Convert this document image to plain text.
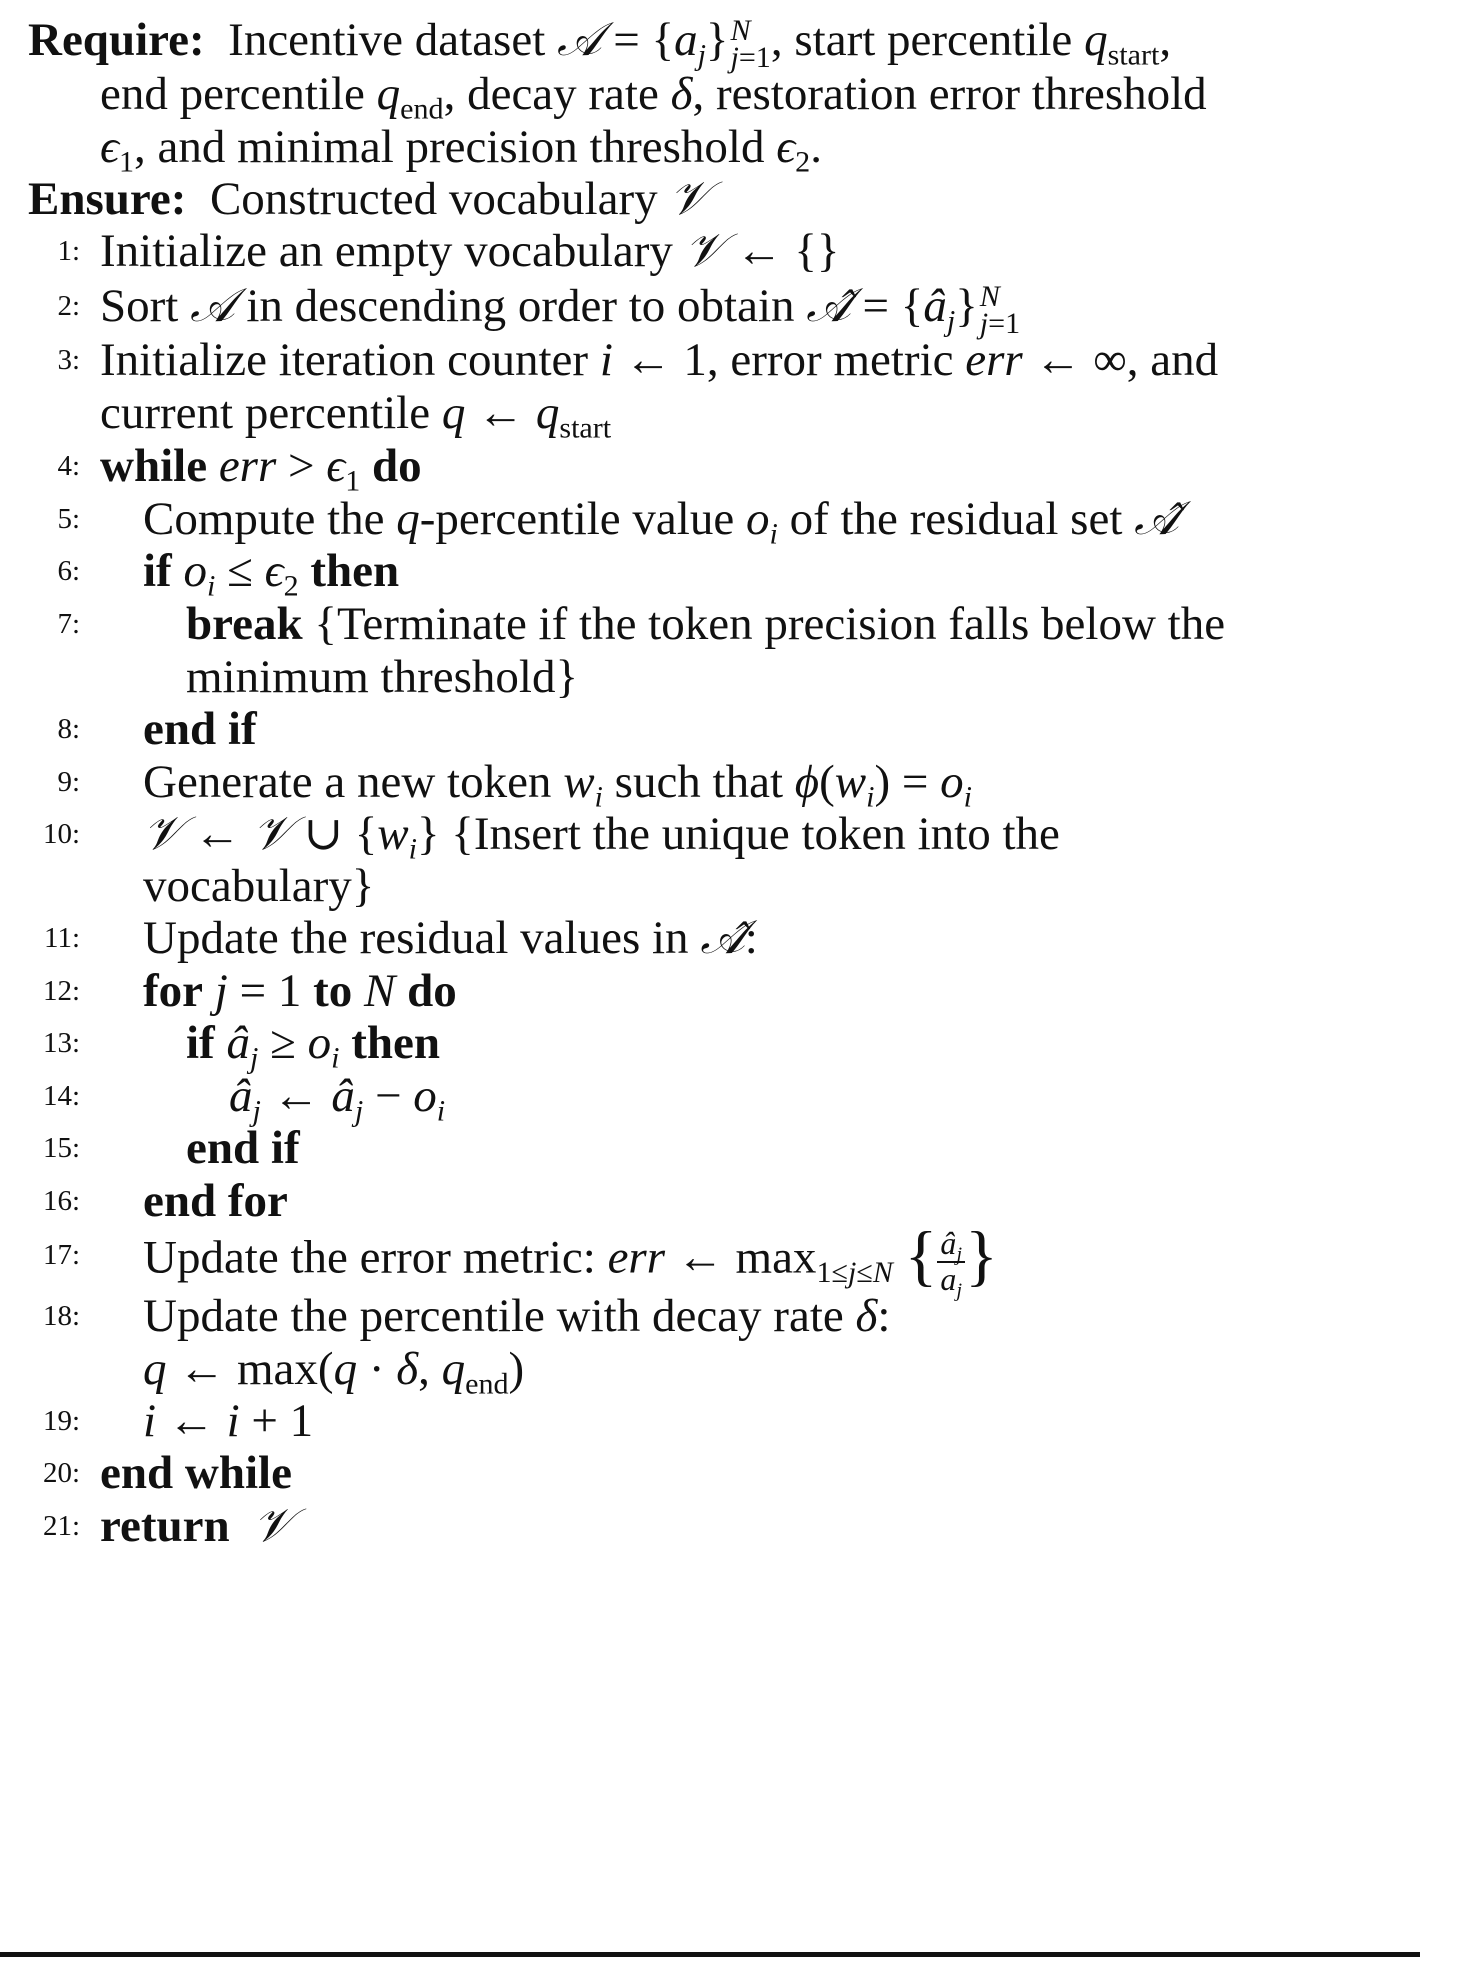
Require: Incentive dataset 𝒜 = $\{a_j\}$ N
j=1 , start percentile $q_{start}$,
end percentile $q_{end}$, decay rate δ, restoration error threshold
$\epsilon_1$, and minimal precision threshold $\epsilon_2$.
Ensure: Constructed vocabulary 𝒱
1: Initialize an empty vocabulary 𝒱 ← {}
2: Sort 𝒜 in descending order to obtain 𝒜̂ = $\{â_j\}$ N
j=1
3: Initialize iteration counter i ← 1, error metric err ← ∞, and
current percentile q ← $q_{start}$
4: while err > $\epsilon_1$ do
5: Compute the q-percentile value $o_i$ of the residual set 𝒜̂
6: if $o_i \le \epsilon_2$ then
7: break {Terminate if the token precision falls below the
minimum threshold}
8: end if
9: Generate a new token $w_i$ such that $\phi(w_i) = o_i$
10: 𝒱 ← 𝒱 ∪ $\{w_i\}$ {Insert the unique token into the
vocabulary}
11: Update the residual values in 𝒜̂:
12: for j = 1 to N do
13: if $â_j \ge o_i$ then
14:	$â_j$ ← $â_j - o_i$
15: end if
16: end for
17: Update the error metric: err ← $\max_{1\le j\le N}$ { $\frac{â_j}{a_j}$ }
18: Update the percentile with decay rate δ:
q ← max(q · δ, $q_{end}$)
19: i ← i + 1
20: end while
21: return 𝒱
